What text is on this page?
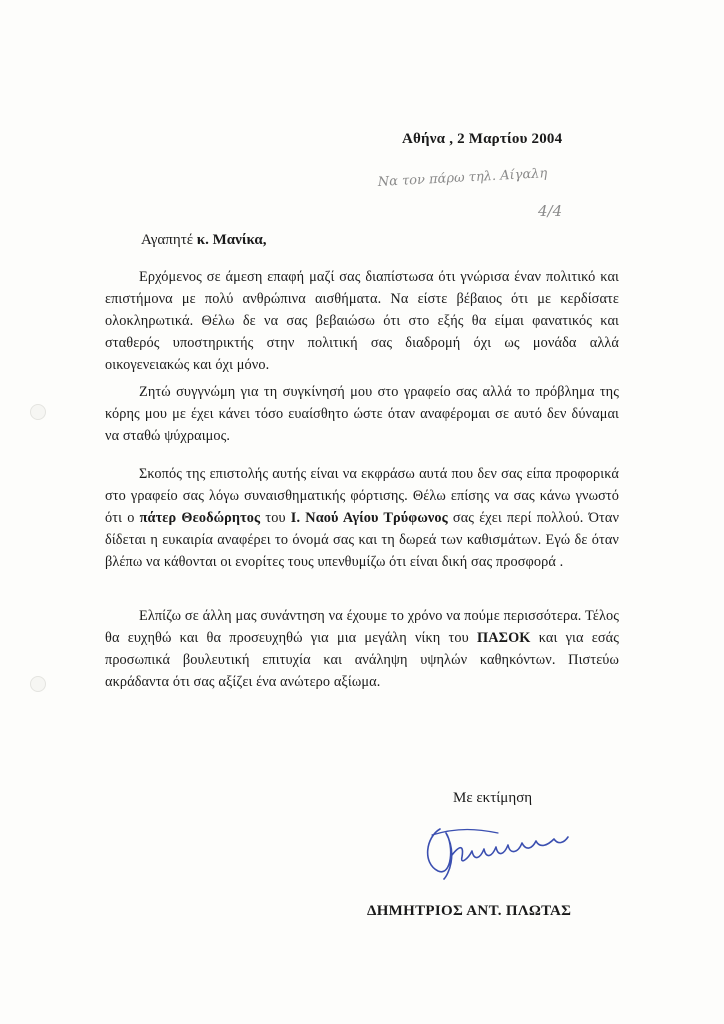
Αθήνα , 2 Μαρτίου 2004
Να τον πάρω τηλ. Αίγαλη
4/4
Αγαπητέ κ. Μανίκα,

Ερχόμενος σε άμεση επαφή μαζί σας διαπίστωσα ότι γνώρισα έναν πολιτικό και επιστήμονα με πολύ ανθρώπινα αισθήματα. Να είστε βέβαιος ότι με κερδίσατε ολοκληρωτικά. Θέλω δε να σας βεβαιώσω ότι στο εξής θα είμαι φανατικός και σταθερός υποστηρικτής στην πολιτική σας διαδρομή όχι ως μονάδα αλλά οικογενειακώς και όχι μόνο.

Ζητώ συγγνώμη για τη συγκίνησή μου στο γραφείο σας αλλά το πρόβλημα της κόρης μου με έχει κάνει τόσο ευαίσθητο ώστε όταν αναφέρομαι σε αυτό δεν δύναμαι να σταθώ ψύχραιμος.

Σκοπός της επιστολής αυτής είναι να εκφράσω αυτά που δεν σας είπα προφορικά στο γραφείο σας λόγω συναισθηματικής φόρτισης. Θέλω επίσης να σας κάνω γνωστό ότι ο πάτερ Θεοδώρητος του Ι. Ναού Αγίου Τρύφωνος σας έχει περί πολλού. Όταν δίδεται η ευκαιρία αναφέρει το όνομά σας και τη δωρεά των καθισμάτων. Εγώ δε όταν βλέπω να κάθονται οι ενορίτες τους υπενθυμίζω ότι είναι δική σας προσφορά .

Ελπίζω σε άλλη μας συνάντηση να έχουμε το χρόνο να πούμε περισσότερα. Τέλος θα ευχηθώ και θα προσευχηθώ για μια μεγάλη νίκη του ΠΑΣΟΚ και για εσάς προσωπικά βουλευτική επιτυχία και ανάληψη υψηλών καθηκόντων. Πιστεύω ακράδαντα ότι σας αξίζει ένα ανώτερο αξίωμα.

Με εκτίμηση
ΔΗΜΗΤΡΙΟΣ ΑΝΤ. ΠΛΩΤΑΣ
